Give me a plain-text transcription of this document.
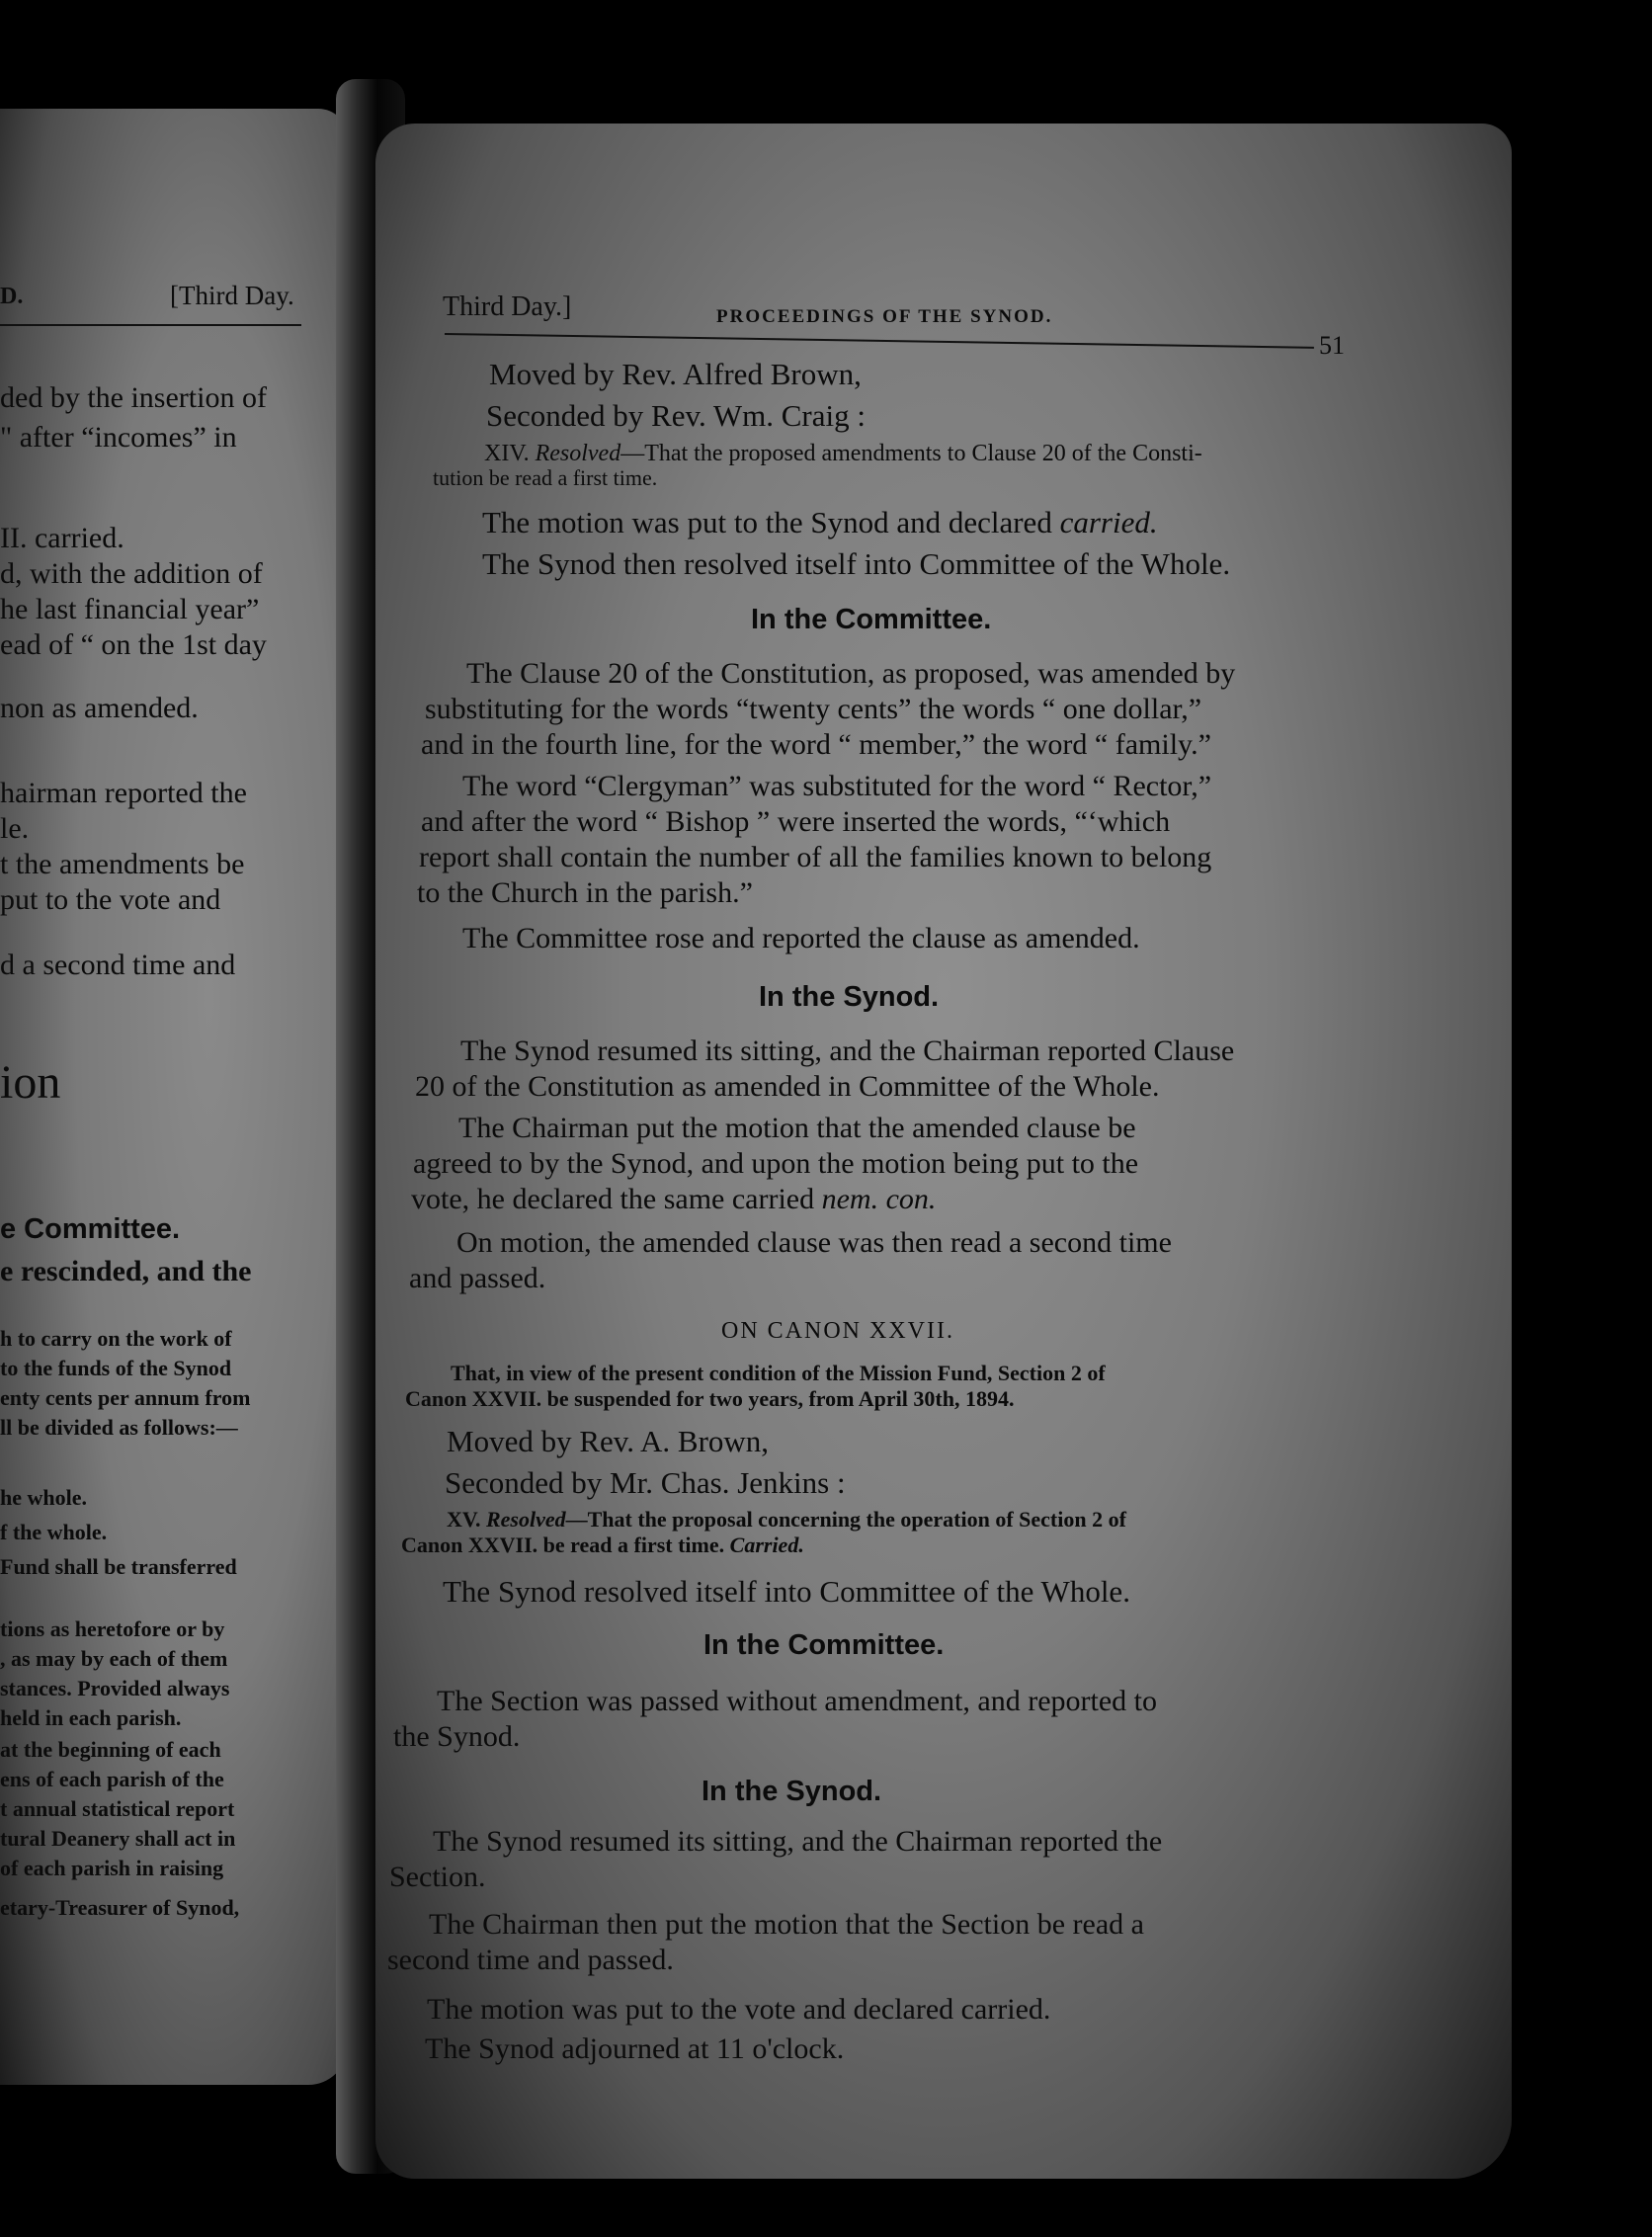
D.	[Third Day.
ded by the insertion of
" after “incomes” in
II. carried.
d, with the addition of
he last financial year”
ead of “ on the 1st day
non as amended.
hairman reported the
le.
t the amendments be
put to the vote and
d a second time and
ion
e Committee.
e rescinded, and the
h to carry on the work of
to the funds of the Synod
enty cents per annum from
ll be divided as follows:—
he whole.
f the whole.
Fund shall be transferred
tions as heretofore or by
, as may by each of them
stances. Provided always
held in each parish.
at the beginning of each
ens of each parish of the
t annual statistical report
tural Deanery shall act in
of each parish in raising
etary-Treasurer of Synod,
Third Day.]	PROCEEDINGS OF THE SYNOD.
51
Moved by Rev. Alfred Brown,
Seconded by Rev. Wm. Craig :
XIV. Resolved—That the proposed amendments to Clause 20 of the Consti-
tution be read a first time.
The motion was put to the Synod and declared carried.
The Synod then resolved itself into Committee of the Whole.
In the Committee.
The Clause 20 of the Constitution, as proposed, was amended by
substituting for the words “twenty cents” the words “ one dollar,”
and in the fourth line, for the word “ member,” the word “ family.”
The word “Clergyman” was substituted for the word “ Rector,”
and after the word “ Bishop ” were inserted the words, “‘which
report shall contain the number of all the families known to belong
to the Church in the parish.”
The Committee rose and reported the clause as amended.
In the Synod.
The Synod resumed its sitting, and the Chairman reported Clause
20 of the Constitution as amended in Committee of the Whole.
The Chairman put the motion that the amended clause be
agreed to by the Synod, and upon the motion being put to the
vote, he declared the same carried nem. con.
On motion, the amended clause was then read a second time
and passed.
ON CANON XXVII.
That, in view of the present condition of the Mission Fund, Section 2 of
Canon XXVII. be suspended for two years, from April 30th, 1894.
Moved by Rev. A. Brown,
Seconded by Mr. Chas. Jenkins :
XV. Resolved—That the proposal concerning the operation of Section 2 of
Canon XXVII. be read a first time. Carried.
The Synod resolved itself into Committee of the Whole.
In the Committee.
The Section was passed without amendment, and reported to
the Synod.
In the Synod.
The Synod resumed its sitting, and the Chairman reported the
Section.
The Chairman then put the motion that the Section be read a
second time and passed.
The motion was put to the vote and declared carried.
The Synod adjourned at 11 o'clock.
